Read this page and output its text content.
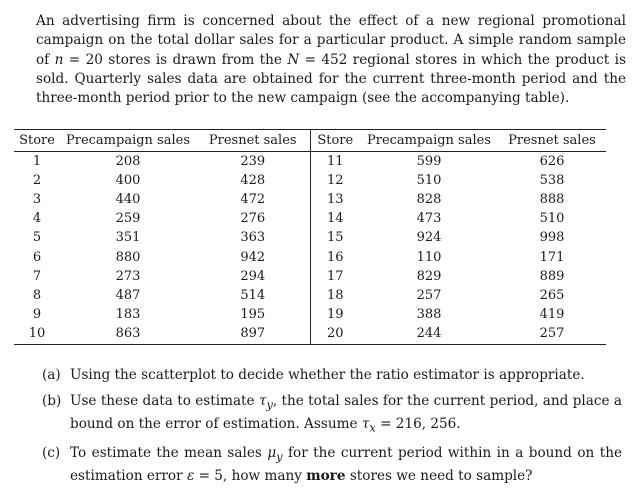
An advertising firm is concerned about the effect of a new regional promotional campaign on the total dollar sales for a particular product. A simple random sample of n = 20 stores is drawn from the N = 452 regional stores in which the product is sold. Quarterly sales data are obtained for the current three-month period and the three-month period prior to the new campaign (see the accompanying table).

Store	Precampaign sales	Presnet sales	Store	Precampaign sales	Presnet sales
1	208	239	11	599	626
2	400	428	12	510	538
3	440	472	13	828	888
4	259	276	14	473	510
5	351	363	15	924	998
6	880	942	16	110	171
7	273	294	17	829	889
8	487	514	18	257	265
9	183	195	19	388	419
10	863	897	20	244	257
(a) Using the scatterplot to decide whether the ratio estimator is appropriate.
(b) Use these data to estimate $\tau_y$, the total sales for the current period, and place a bound on the error of estimation. Assume $\tau_x = 216$, 256.
(c) To estimate the mean sales $\mu_y$ for the current period within in a bound on the estimation error ε = 5, how many more stores we need to sample?
